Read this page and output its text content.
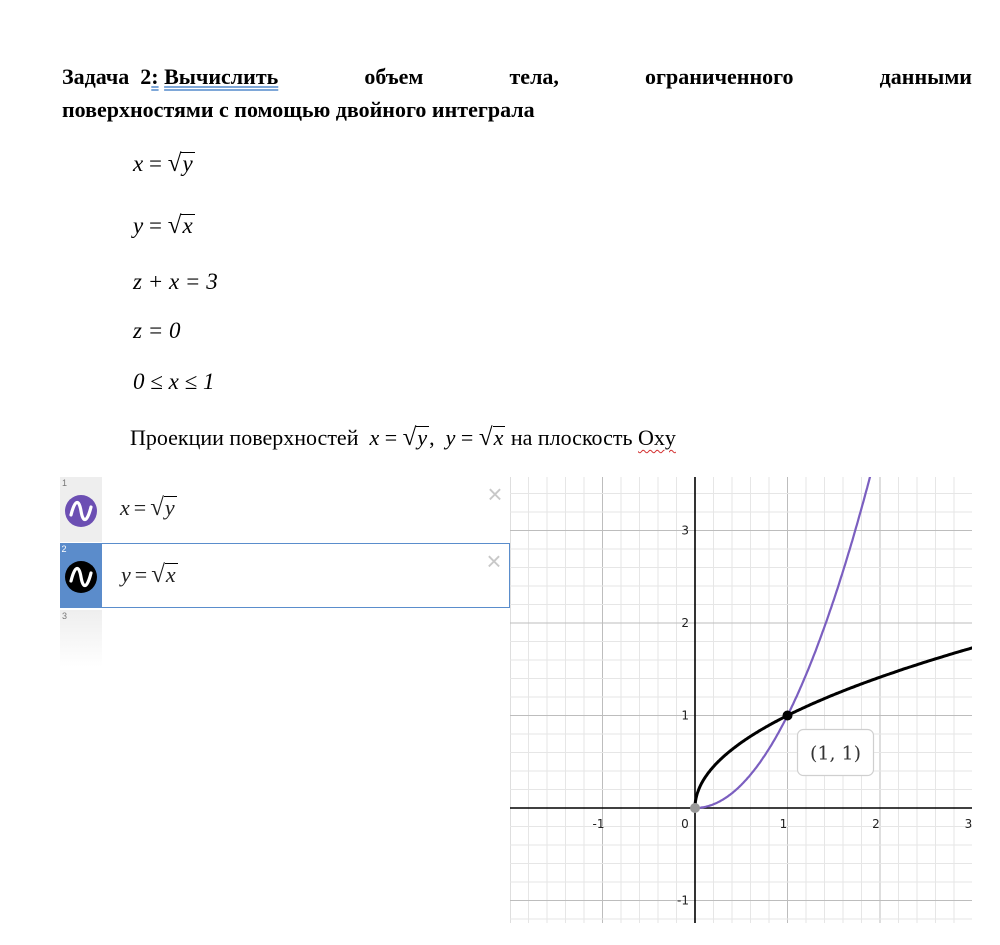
Задача 2: Вычислить	объем	тела,	ограниченного	данными
поверхностями с помощью двойного интеграла
x = √y
y = √x
z + x = 3
z = 0
0 ≤ x ≤ 1
Проекции поверхностей x = √y,  y = √x на плоскость Oxy
1
x = √y	×
2
y = √x	×
3
-1	0	1	2	3
-1
1
2
3
(1, 1)
